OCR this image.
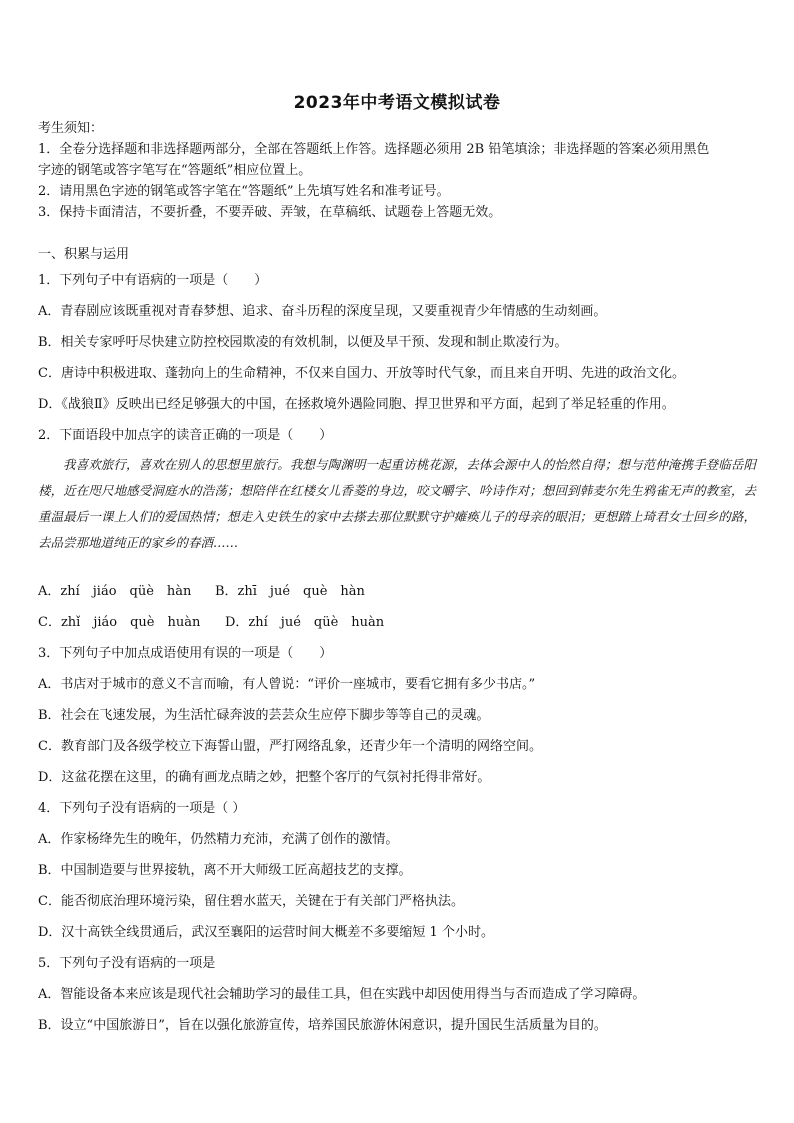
2023年中考语文模拟试卷
考生须知：
1．全卷分选择题和非选择题两部分，全部在答题纸上作答。选择题必须用 2B 铅笔填涂；非选择题的答案必须用黑色
字迹的钢笔或答字笔写在“答题纸”相应位置上。
2．请用黑色字迹的钢笔或答字笔在“答题纸”上先填写姓名和准考证号。
3．保持卡面清洁，不要折叠，不要弄破、弄皱，在草稿纸、试题卷上答题无效。
一、积累与运用
1．下列句子中有语病的一项是（　　）
A．青春剧应该既重视对青春梦想、追求、奋斗历程的深度呈现，又要重视青少年情感的生动刻画。
B．相关专家呼吁尽快建立防控校园欺凌的有效机制，以便及早干预、发现和制止欺凌行为。
C．唐诗中积极进取、蓬勃向上的生命精神，不仅来自国力、开放等时代气象，而且来自开明、先进的政治文化。
D．《战狼Ⅱ》反映出已经足够强大的中国，在拯救境外遇险同胞、捍卫世界和平方面，起到了举足轻重的作用。
2．下面语段中加点字的读音正确的一项是（　　）
我喜欢旅行，喜欢在别人的思想里旅行。我想与陶渊明一起重访桃花源，去体会源中人的怡然自得；想与范仲淹携手登临岳阳楼，近在咫尺地感受洞庭水的浩荡；想陪伴在红楼女儿香菱的身边，咬文嚼字、吟诗作对；想回到韩麦尔先生鸦雀无声的教室，去重温最后一课上人们的爱国热情；想走入史铁生的家中去搽去那位默默守护瘫痪儿子的母亲的眼泪；更想踏上琦君女士回乡的路，去品尝那地道纯正的家乡的春酒……
A．zhí　jiáo　qüè　hàn B．zhī　jué　què　hàn
C．zhǐ　jiáo　què　huàn D．zhí　jué　qüè　huàn
3．下列句子中加点成语使用有误的一项是（　　）
A．书店对于城市的意义不言而喻，有人曾说：“评价一座城市，要看它拥有多少书店。”
B．社会在飞速发展，为生活忙碌奔波的芸芸众生应停下脚步等等自己的灵魂。
C．教育部门及各级学校立下海誓山盟，严打网络乱象，还青少年一个清明的网络空间。
D．这盆花摆在这里，的确有画龙点睛之妙，把整个客厅的气氛衬托得非常好。
4．下列句子没有语病的一项是（ ）
A．作家杨绛先生的晚年，仍然精力充沛，充满了创作的激情。
B．中国制造要与世界接轨，离不开大师级工匠高超技艺的支撑。
C．能否彻底治理环境污染，留住碧水蓝天，关键在于有关部门严格执法。
D．汉十高铁全线贯通后，武汉至襄阳的运营时间大概差不多要缩短 1 个小时。
5．下列句子没有语病的一项是
A．智能设备本来应该是现代社会辅助学习的最佳工具，但在实践中却因使用得当与否而造成了学习障碍。
B．设立“中国旅游日”，旨在以强化旅游宣传，培养国民旅游休闲意识，提升国民生活质量为目的。
